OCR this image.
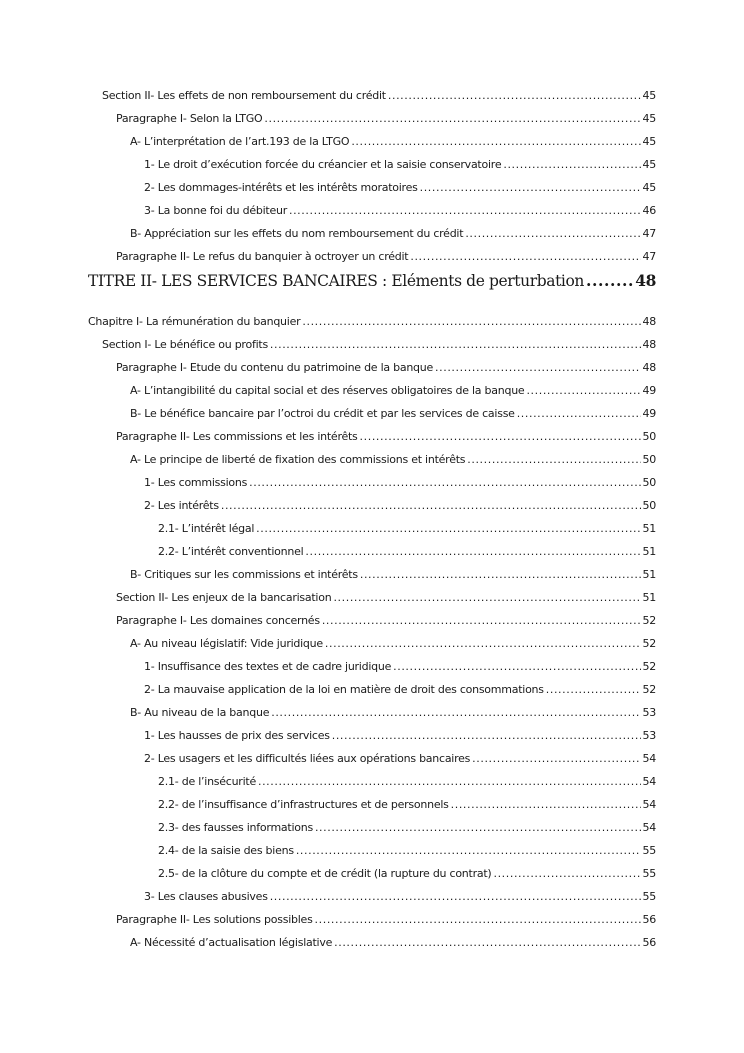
Section II- Les effets de non remboursement du crédit .....	45
Paragraphe I- Selon la LTGO .....	45
A- L’interprétation de l’art.193 de la LTGO .....	45
1- Le droit d’exécution forcée du créancier et la saisie conservatoire .....	45
2- Les dommages-intérêts et les intérêts moratoires .....	45
3- La bonne foi du débiteur .....	46
B- Appréciation sur les effets du nom remboursement du crédit .....	47
Paragraphe II- Le refus du banquier à octroyer un crédit .....	47
TITRE II- LES SERVICES BANCAIRES : Eléments de perturbation .....	48
Chapitre I- La rémunération du banquier .....	48
Section I- Le bénéfice ou profits .....	48
Paragraphe I- Etude du contenu du patrimoine de la banque .....	48
A- L’intangibilité du capital social et des réserves obligatoires de la banque .....	49
B- Le bénéfice bancaire par l’octroi du crédit et par les services de caisse .....	49
Paragraphe II- Les commissions et les intérêts .....	50
A- Le principe de liberté de fixation des commissions et intérêts .....	50
1- Les commissions .....	50
2- Les intérêts .....	50
2.1- L’intérêt légal .....	51
2.2- L’intérêt conventionnel .....	51
B- Critiques sur les commissions et intérêts .....	51
Section II- Les enjeux de la bancarisation .....	51
Paragraphe I- Les domaines concernés .....	52
A- Au niveau législatif: Vide juridique .....	52
1- Insuffisance des textes et de cadre juridique .....	52
2- La mauvaise application de la loi en matière de droit des consommations .....	52
B- Au niveau de la banque .....	53
1- Les hausses de prix des services .....	53
2- Les usagers et les difficultés liées aux opérations bancaires .....	54
2.1- de l’insécurité .....	54
2.2- de l’insuffisance d’infrastructures et de personnels .....	54
2.3- des fausses informations .....	54
2.4- de la saisie des biens .....	55
2.5- de la clôture du compte et de crédit (la rupture du contrat) .....	55
3- Les clauses abusives .....	55
Paragraphe II- Les solutions possibles .....	56
A- Nécessité d’actualisation législative .....	56
